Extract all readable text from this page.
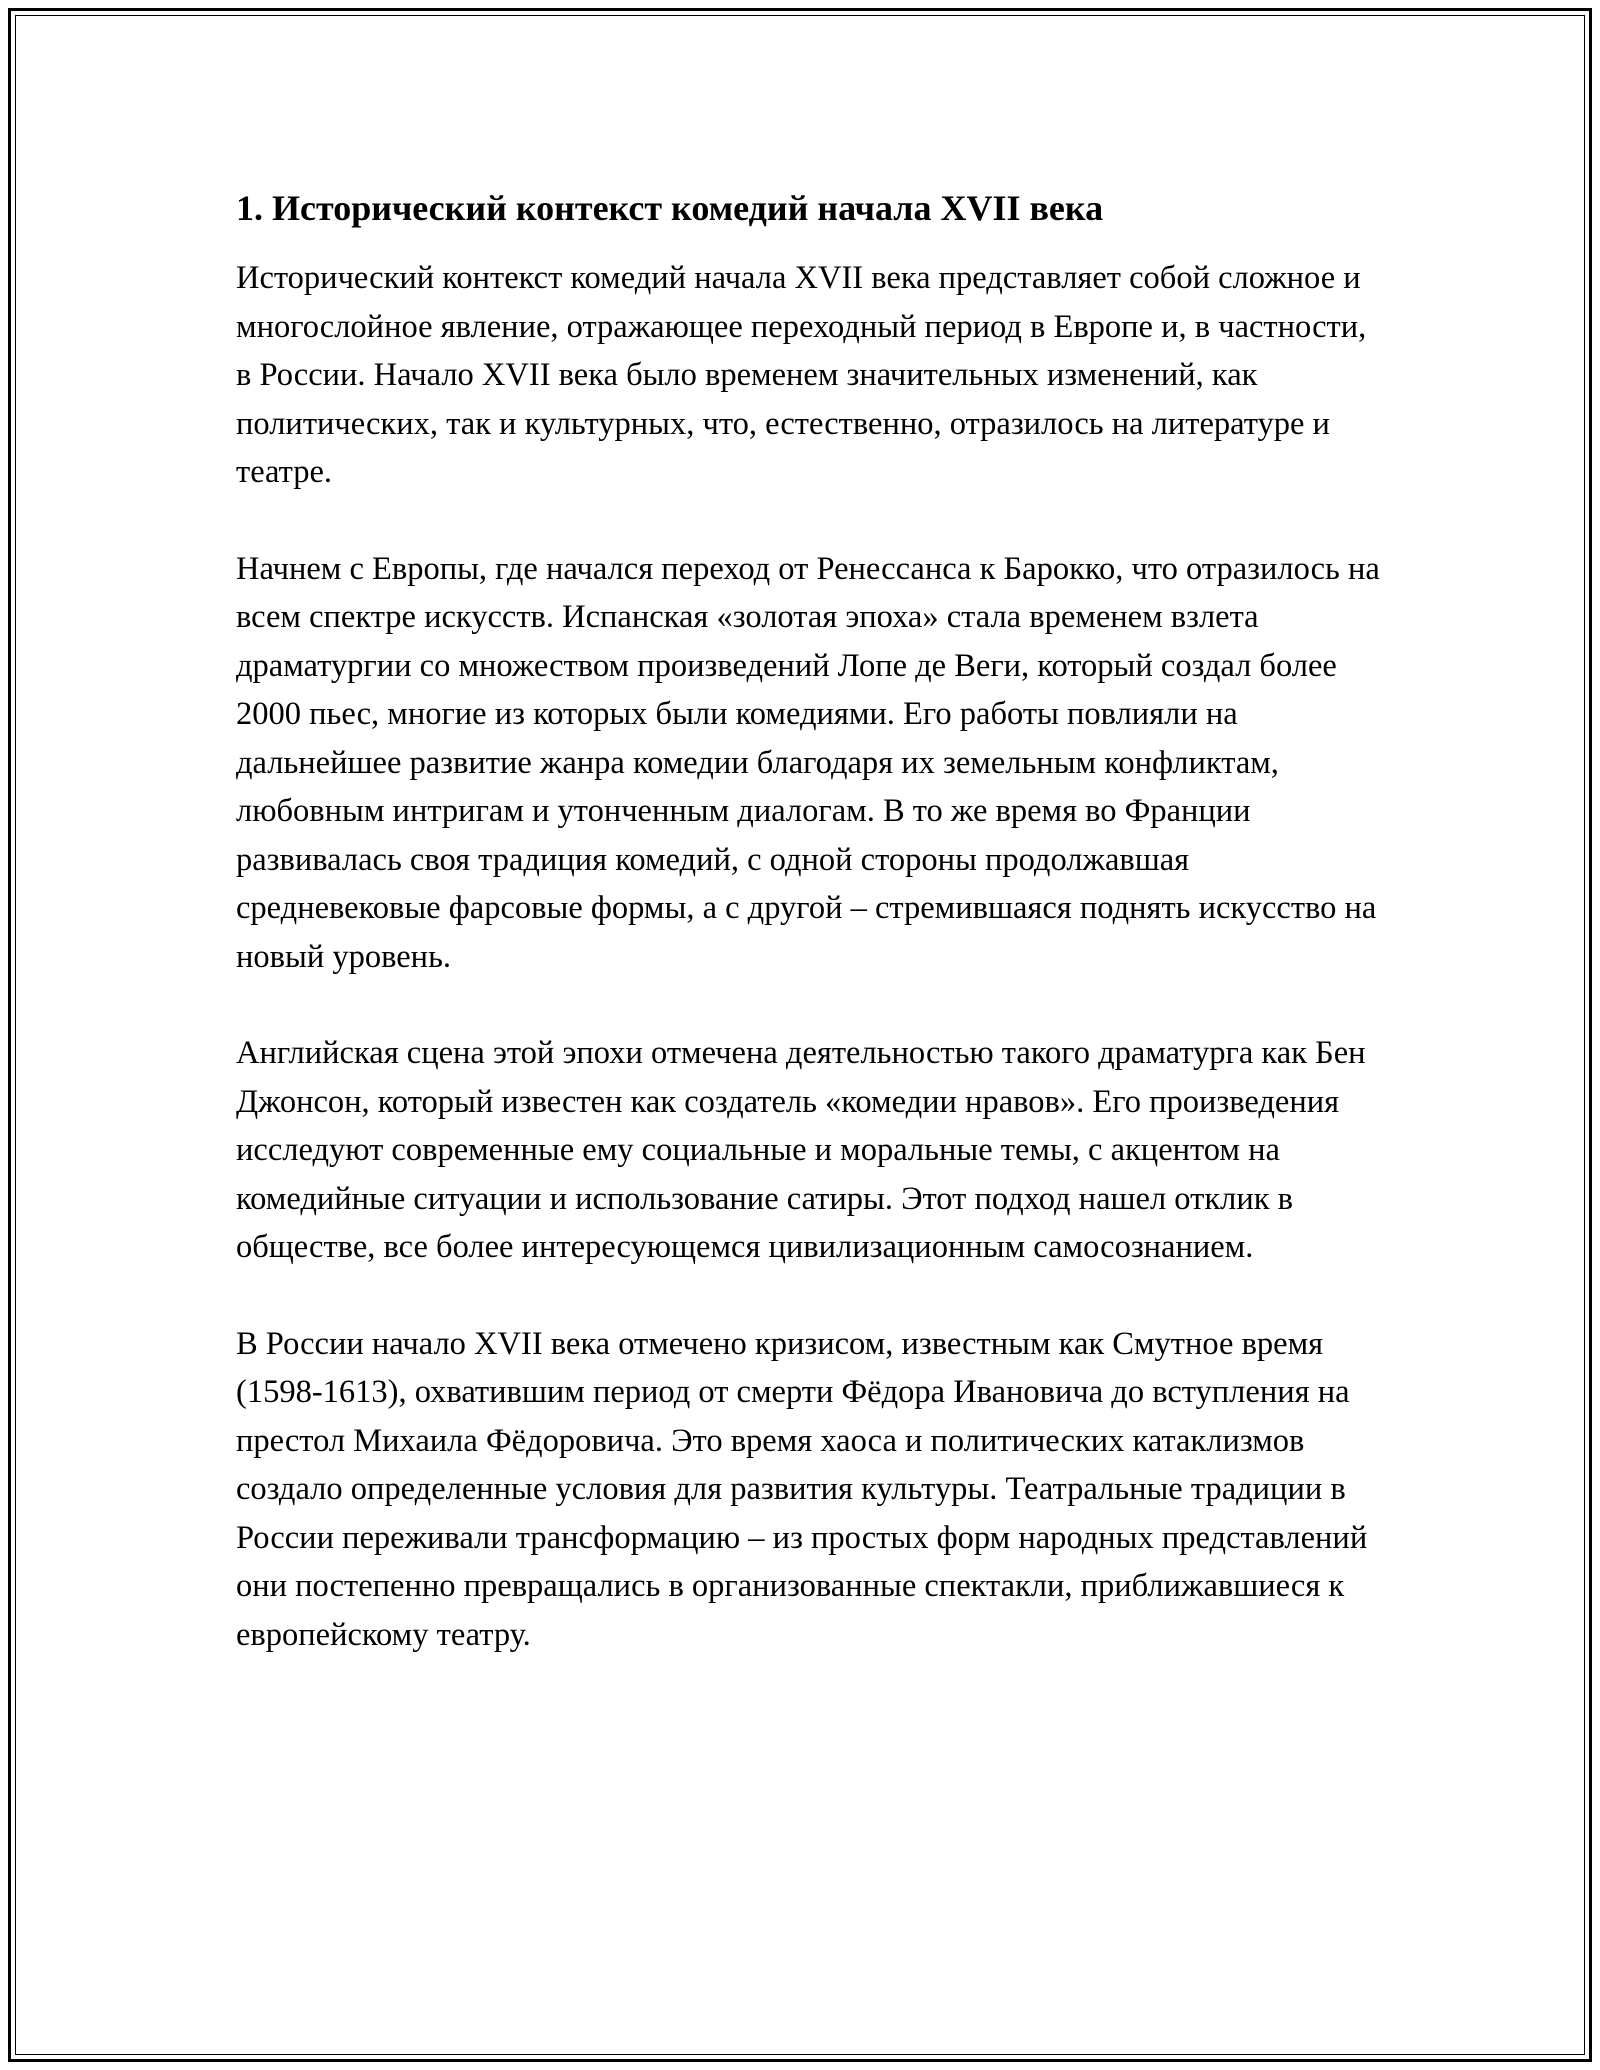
1. Исторический контекст комедий начала XVII века

Исторический контекст комедий начала XVII века представляет собой сложное и многослойное явление, отражающее переходный период в Европе и, в частности, в России. Начало XVII века было временем значительных изменений, как политических, так и культурных, что, естественно, отразилось на литературе и театре.

Начнем с Европы, где начался переход от Ренессанса к Барокко, что отразилось на всем спектре искусств. Испанская «золотая эпоха» стала временем взлета драматургии со множеством произведений Лопе де Веги, который создал более 2000 пьес, многие из которых были комедиями. Его работы повлияли на дальнейшее развитие жанра комедии благодаря их земельным конфликтам, любовным интригам и утонченным диалогам. В то же время во Франции развивалась своя традиция комедий, с одной стороны продолжавшая средневековые фарсовые формы, а с другой – стремившаяся поднять искусство на новый уровень.

Английская сцена этой эпохи отмечена деятельностью такого драматурга как Бен Джонсон, который известен как создатель «комедии нравов». Его произведения исследуют современные ему социальные и моральные темы, с акцентом на комедийные ситуации и использование сатиры. Этот подход нашел отклик в обществе, все более интересующемся цивилизационным самосознанием.

В России начало XVII века отмечено кризисом, известным как Смутное время (1598-1613), охватившим период от смерти Фёдора Ивановича до вступления на престол Михаила Фёдоровича. Это время хаоса и политических катаклизмов создало определенные условия для развития культуры. Театральные традиции в России переживали трансформацию – из простых форм народных представлений они постепенно превращались в организованные спектакли, приближавшиеся к европейскому театру.
